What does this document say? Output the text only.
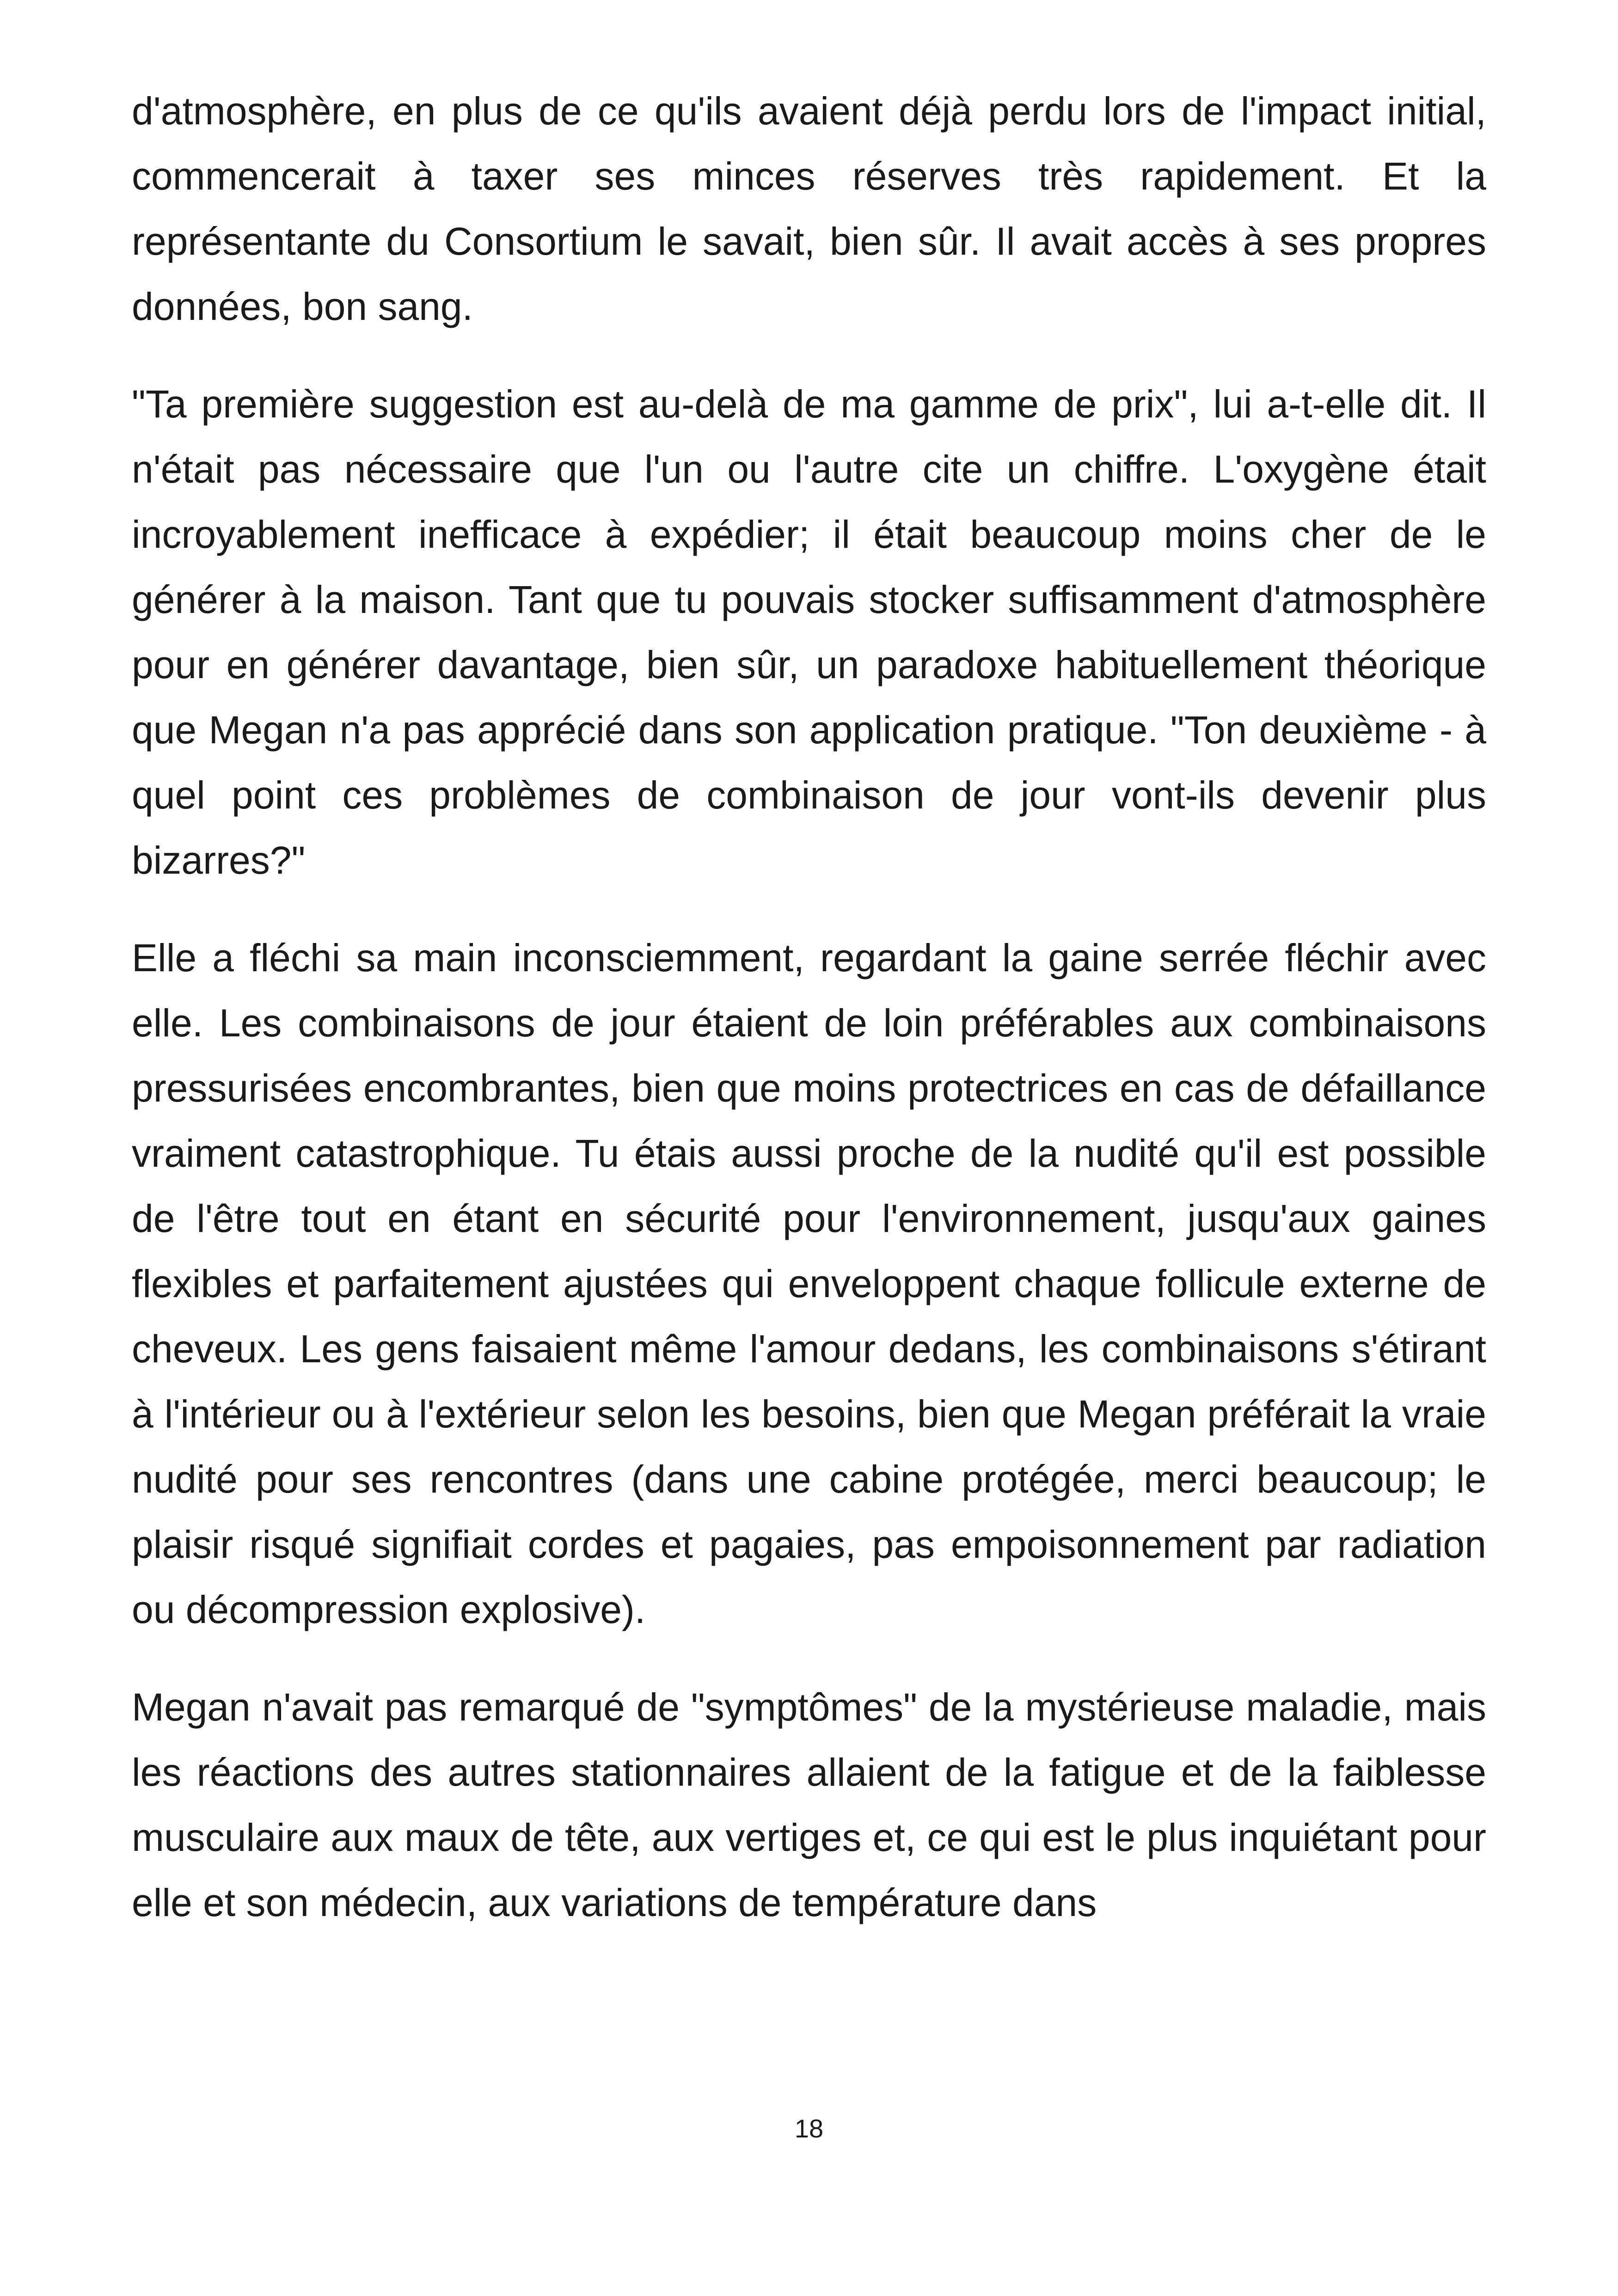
d'atmosphère, en plus de ce qu'ils avaient déjà perdu lors de l'impact initial, commencerait à taxer ses minces réserves très rapidement. Et la représentante du Consortium le savait, bien sûr. Il avait accès à ses propres données, bon sang.

"Ta première suggestion est au-delà de ma gamme de prix", lui a-t-elle dit. Il n'était pas nécessaire que l'un ou l'autre cite un chiffre. L'oxygène était incroyablement inefficace à expédier; il était beaucoup moins cher de le générer à la maison. Tant que tu pouvais stocker suffisamment d'atmosphère pour en générer davantage, bien sûr, un paradoxe habituellement théorique que Megan n'a pas apprécié dans son application pratique. "Ton deuxième - à quel point ces problèmes de combinaison de jour vont-ils devenir plus bizarres?"

Elle a fléchi sa main inconsciemment, regardant la gaine serrée fléchir avec elle. Les combinaisons de jour étaient de loin préférables aux combinaisons pressurisées encombrantes, bien que moins protectrices en cas de défaillance vraiment catastrophique. Tu étais aussi proche de la nudité qu'il est possible de l'être tout en étant en sécurité pour l'environnement, jusqu'aux gaines flexibles et parfaitement ajustées qui enveloppent chaque follicule externe de cheveux. Les gens faisaient même l'amour dedans, les combinaisons s'étirant à l'intérieur ou à l'extérieur selon les besoins, bien que Megan préférait la vraie nudité pour ses rencontres (dans une cabine protégée, merci beaucoup; le plaisir risqué signifiait cordes et pagaies, pas empoisonnement par radiation ou décompression explosive).

Megan n'avait pas remarqué de "symptômes" de la mystérieuse maladie, mais les réactions des autres stationnaires allaient de la fatigue et de la faiblesse musculaire aux maux de tête, aux vertiges et, ce qui est le plus inquiétant pour elle et son médecin, aux variations de température dans

18
